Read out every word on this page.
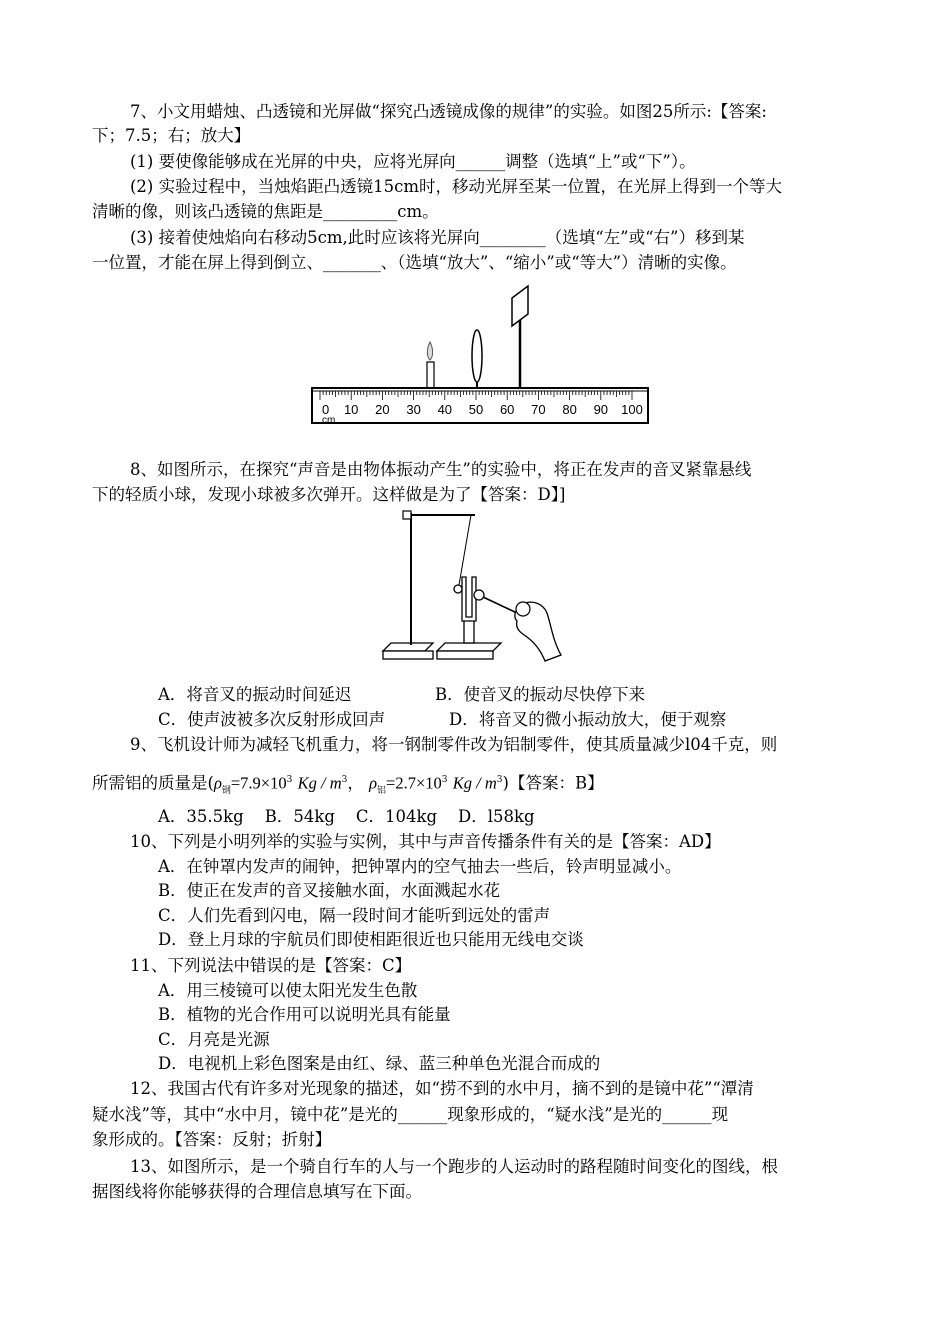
7、小文用蜡烛、凸透镜和光屏做“探究凸透镜成像的规律”的实验。如图25所示:【答案:
下；7.5；右；放大】
(1) 要使像能够成在光屏的中央，应将光屏向______调整（选填“上”或“下”）。
(2) 实验过程中，当烛焰距凸透镜15cm时，移动光屏至某一位置，在光屏上得到一个等大
清晰的像，则该凸透镜的焦距是_________cm。
(3) 接着使烛焰向右移动5cm,此时应该将光屏向________（选填“左”或“右”）移到某
一位置，才能在屏上得到倒立、_______、（选填“放大”、“缩小”或“等大”）清晰的实像。
0 10 20 30 40 50 60 70 80 90 100
cm
8、如图所示，在探究“声音是由物体振动产生”的实验中，将正在发声的音叉紧靠悬线
下的轻质小球，发现小球被多次弹开。这样做是为了【答案：D】]
A．将音叉的振动时间延迟	B．使音叉的振动尽快停下来
C．使声波被多次反射形成回声	D．将音叉的微小振动放大，便于观察
9、飞机设计师为减轻飞机重力，将一钢制零件改为铝制零件，使其质量减少l04千克，则
所需铝的质量是($\rho_钢=7.9\times 10^3$ Kg / $m^3$， $\rho_铝=2.7\times 10^3$ Kg / $m^3$)【答案：B】
A．35.5kg    B．54kg    C．104kg    D．l58kg
10、下列是小明列举的实验与实例，其中与声音传播条件有关的是【答案：AD】
A．在钟罩内发声的闹钟，把钟罩内的空气抽去一些后，铃声明显减小。
B．使正在发声的音叉接触水面，水面溅起水花
C．人们先看到闪电，隔一段时间才能听到远处的雷声
D．登上月球的宇航员们即使相距很近也只能用无线电交谈
11、下列说法中错误的是【答案：C】
A．用三棱镜可以使太阳光发生色散
B．植物的光合作用可以说明光具有能量
C．月亮是光源
D．电视机上彩色图案是由红、绿、蓝三种单色光混合而成的
12、我国古代有许多对光现象的描述，如“捞不到的水中月，摘不到的是镜中花”“潭清
疑水浅”等，其中“水中月，镜中花”是光的______现象形成的，“疑水浅”是光的______现
象形成的。【答案：反射；折射】
13、如图所示，是一个骑自行车的人与一个跑步的人运动时的路程随时间变化的图线，根
据图线将你能够获得的合理信息填写在下面。
